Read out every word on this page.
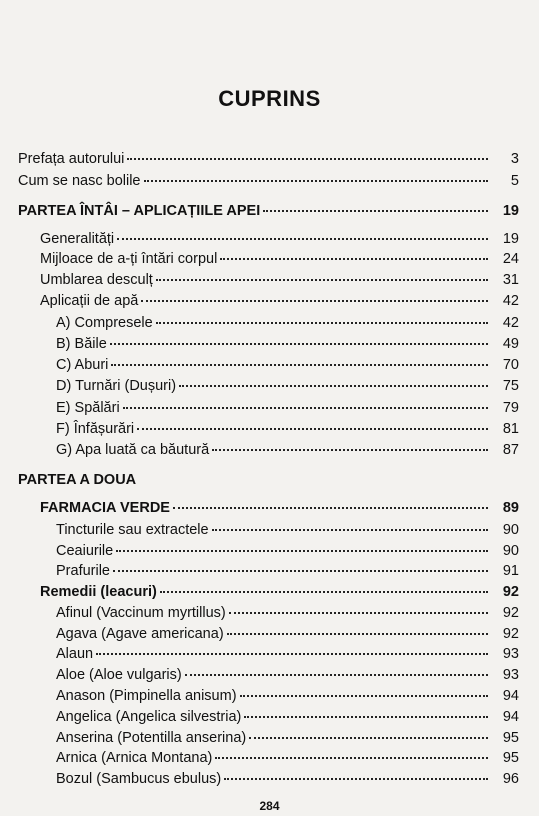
CUPRINS
Prefața autorului	3
Cum se nasc bolile	5
PARTEA ÎNTÂI – APLICAȚIILE APEI	19
Generalități	19
Mijloace de a-ți întări corpul	24
Umblarea desculț	31
Aplicații de apă	42
A) Compresele	42
B) Băile	49
C) Aburi	70
D) Turnări (Dușuri)	75
E) Spălări	79
F) Înfășurări	81
G) Apa luată ca băutură	87
PARTEA A DOUA
FARMACIA VERDE	89
Tincturile sau extractele	90
Ceaiurile	90
Prafurile	91
Remedii (leacuri)	92
Afinul (Vaccinum myrtillus)	92
Agava (Agave americana)	92
Alaun	93
Aloe (Aloe vulgaris)	93
Anason (Pimpinella anisum)	94
Angelica (Angelica silvestria)	94
Anserina (Potentilla anserina)	95
Arnica (Arnica Montana)	95
Bozul (Sambucus ebulus)	96
284
